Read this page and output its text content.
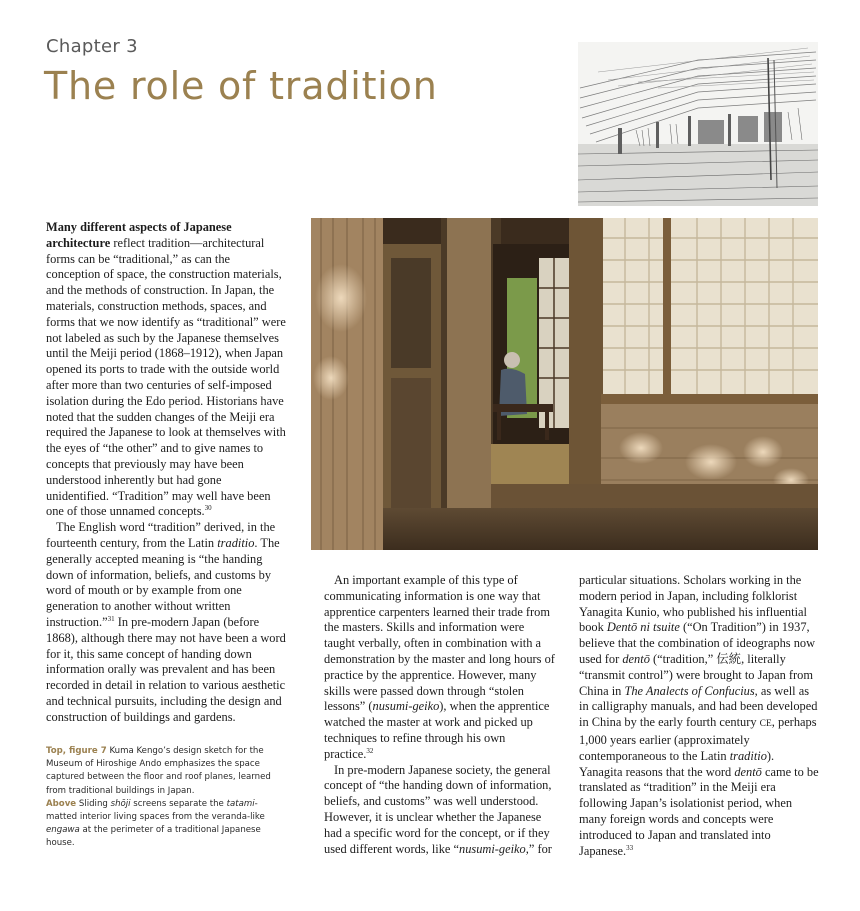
Chapter 3
The role of tradition

Many different aspects of Japanese architecture reflect tradition—architectural forms can be “traditional,” as can the conception of space, the construction materials, and the methods of construction. In Japan, the materials, construction methods, spaces, and forms that we now identify as “traditional” were not labeled as such by the Japanese themselves until the Meiji period (1868–1912), when Japan opened its ports to trade with the outside world after more than two centuries of self-imposed isolation during the Edo period. Historians have noted that the sudden changes of the Meiji era required the Japanese to look at themselves with the eyes of “the other” and to give names to concepts that previously may have been understood inherently but had gone unidentified. “Tradition” may well have been one of those unnamed concepts.$^{30}$

The English word “tradition” derived, in the fourteenth century, from the Latin traditio. The generally accepted meaning is “the handing down of information, beliefs, and customs by word of mouth or by example from one generation to another without written instruction.”$^{31}$ In pre-modern Japan (before 1868), although there may not have been a word for it, this same concept of handing down information orally was prevalent and has been recorded in detail in relation to various aesthetic and technical pursuits, including the design and construction of buildings and gardens.

Top, figure 7 Kuma Kengo’s design sketch for the Museum of Hiroshige Ando emphasizes the space captured between the floor and roof planes, learned from traditional buildings in Japan.

Above Sliding shōji screens separate the tatami-matted interior living spaces from the veranda-like engawa at the perimeter of a traditional Japanese house.

An important example of this type of communicating information is one way that apprentice carpenters learned their trade from the masters. Skills and information were taught verbally, often in combination with a demonstration by the master and long hours of practice by the apprentice. However, many skills were passed down through “stolen lessons” (nusumi-geiko), when the apprentice watched the master at work and picked up techniques to refine through his own practice.$^{32}$

In pre-modern Japanese society, the general concept of “the handing down of information, beliefs, and customs” was well understood. However, it is unclear whether the Japanese had a specific word for the concept, or if they used different words, like “nusumi-geiko,” for

particular situations. Scholars working in the modern period in Japan, including folklorist Yanagita Kunio, who published his influential book Dentō ni tsuite (“On Tradition”) in 1937, believe that the combination of ideographs now used for dentō (“tradition,” 伝統, literally “transmit control”) were brought to Japan from China in The Analects of Confucius, as well as in calligraphy manuals, and had been developed in China by the early fourth century CE, perhaps 1,000 years earlier (approximately contemporaneous to the Latin traditio). Yanagita reasons that the word dentō came to be translated as “tradition” in the Meiji era following Japan’s isolationist period, when many foreign words and concepts were introduced to Japan and translated into Japanese.$^{33}$
